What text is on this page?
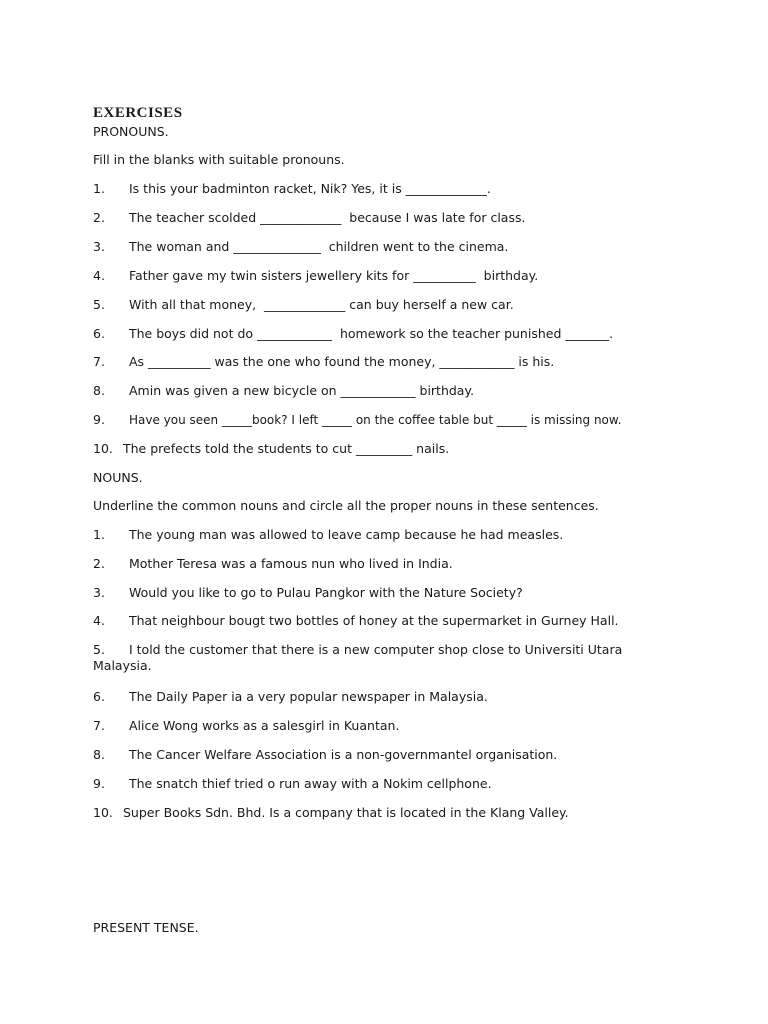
EXERCISES
PRONOUNS.
Fill in the blanks with suitable pronouns.
1. Is this your badminton racket, Nik? Yes, it is _____________.
2. The teacher scolded _____________  because I was late for class.
3. The woman and ______________  children went to the cinema.
4. Father gave my twin sisters jewellery kits for __________  birthday.
5. With all that money,  _____________ can buy herself a new car.
6. The boys did not do ____________  homework so the teacher punished _______.
7. As __________ was the one who found the money, ____________ is his.
8. Amin was given a new bicycle on ____________ birthday.
9. Have you seen _____book? I left _____ on the coffee table but _____ is missing now.
10. The prefects told the students to cut _________ nails.
NOUNS.
Underline the common nouns and circle all the proper nouns in these sentences.
1. The young man was allowed to leave camp because he had measles.
2. Mother Teresa was a famous nun who lived in India.
3. Would you like to go to Pulau Pangkor with the Nature Society?
4. That neighbour bougt two bottles of honey at the supermarket in Gurney Hall.
5. I told the customer that there is a new computer shop close to Universiti Utara Malaysia.
6. The Daily Paper ia a very popular newspaper in Malaysia.
7. Alice Wong works as a salesgirl in Kuantan.
8. The Cancer Welfare Association is a non-governmantel organisation.
9. The snatch thief tried o run away with a Nokim cellphone.
10. Super Books Sdn. Bhd. Is a company that is located in the Klang Valley.
PRESENT TENSE.
